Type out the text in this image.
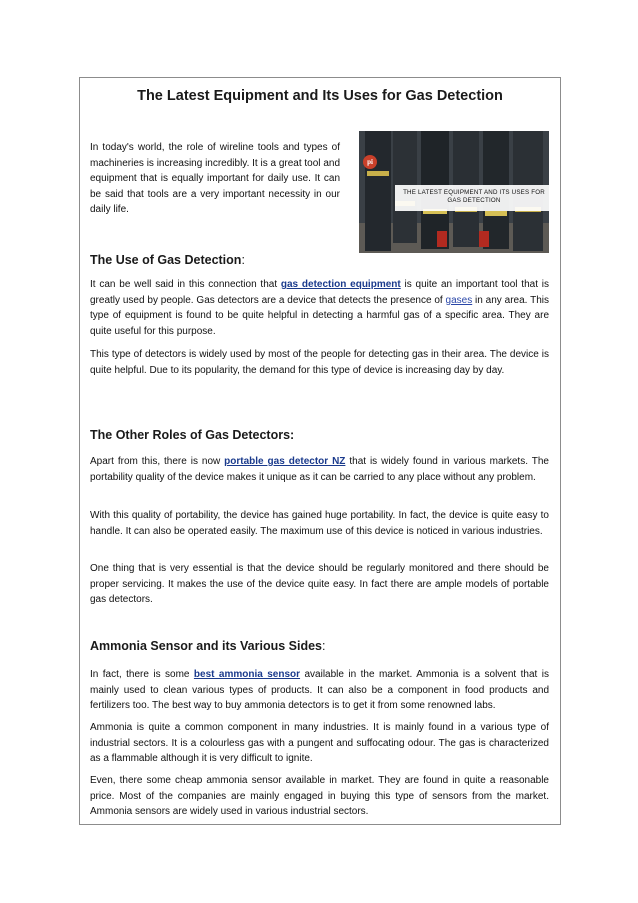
The Latest Equipment and Its Uses for Gas Detection

In today's world, the role of wireline tools and types of machineries is increasing incredibly. It is a great tool and equipment that is equally important for daily use. It can be said that tools are a very important necessity in our daily life.

pi
THE LATEST EQUIPMENT AND ITS USES FOR
GAS DETECTION
The Use of Gas Detection:

It can be well said in this connection that gas detection equipment is quite an important tool that is greatly used by people. Gas detectors are a device that detects the presence of gases in any area. This type of equipment is found to be quite helpful in detecting a harmful gas of a specific area. They are quite useful for this purpose.

This type of detectors is widely used by most of the people for detecting gas in their area. The device is quite helpful. Due to its popularity, the demand for this type of device is increasing day by day.

The Other Roles of Gas Detectors:

Apart from this, there is now portable gas detector NZ that is widely found in various markets. The portability quality of the device makes it unique as it can be carried to any place without any problem.

With this quality of portability, the device has gained huge portability. In fact, the device is quite easy to handle. It can also be operated easily. The maximum use of this device is noticed in various industries.

One thing that is very essential is that the device should be regularly monitored and there should be proper servicing. It makes the use of the device quite easy. In fact there are ample models of portable gas detectors.

Ammonia Sensor and its Various Sides:

In fact, there is some best ammonia sensor available in the market. Ammonia is a solvent that is mainly used to clean various types of products. It can also be a component in food products and fertilizers too. The best way to buy ammonia detectors is to get it from some renowned labs.

Ammonia is quite a common component in many industries. It is mainly found in a various type of industrial sectors. It is a colourless gas with a pungent and suffocating odour. The gas is characterized as a flammable although it is very difficult to ignite.

Even, there some cheap ammonia sensor available in market. They are found in quite a reasonable price. Most of the companies are mainly engaged in buying this type of sensors from the market. Ammonia sensors are widely used in various industrial sectors.
